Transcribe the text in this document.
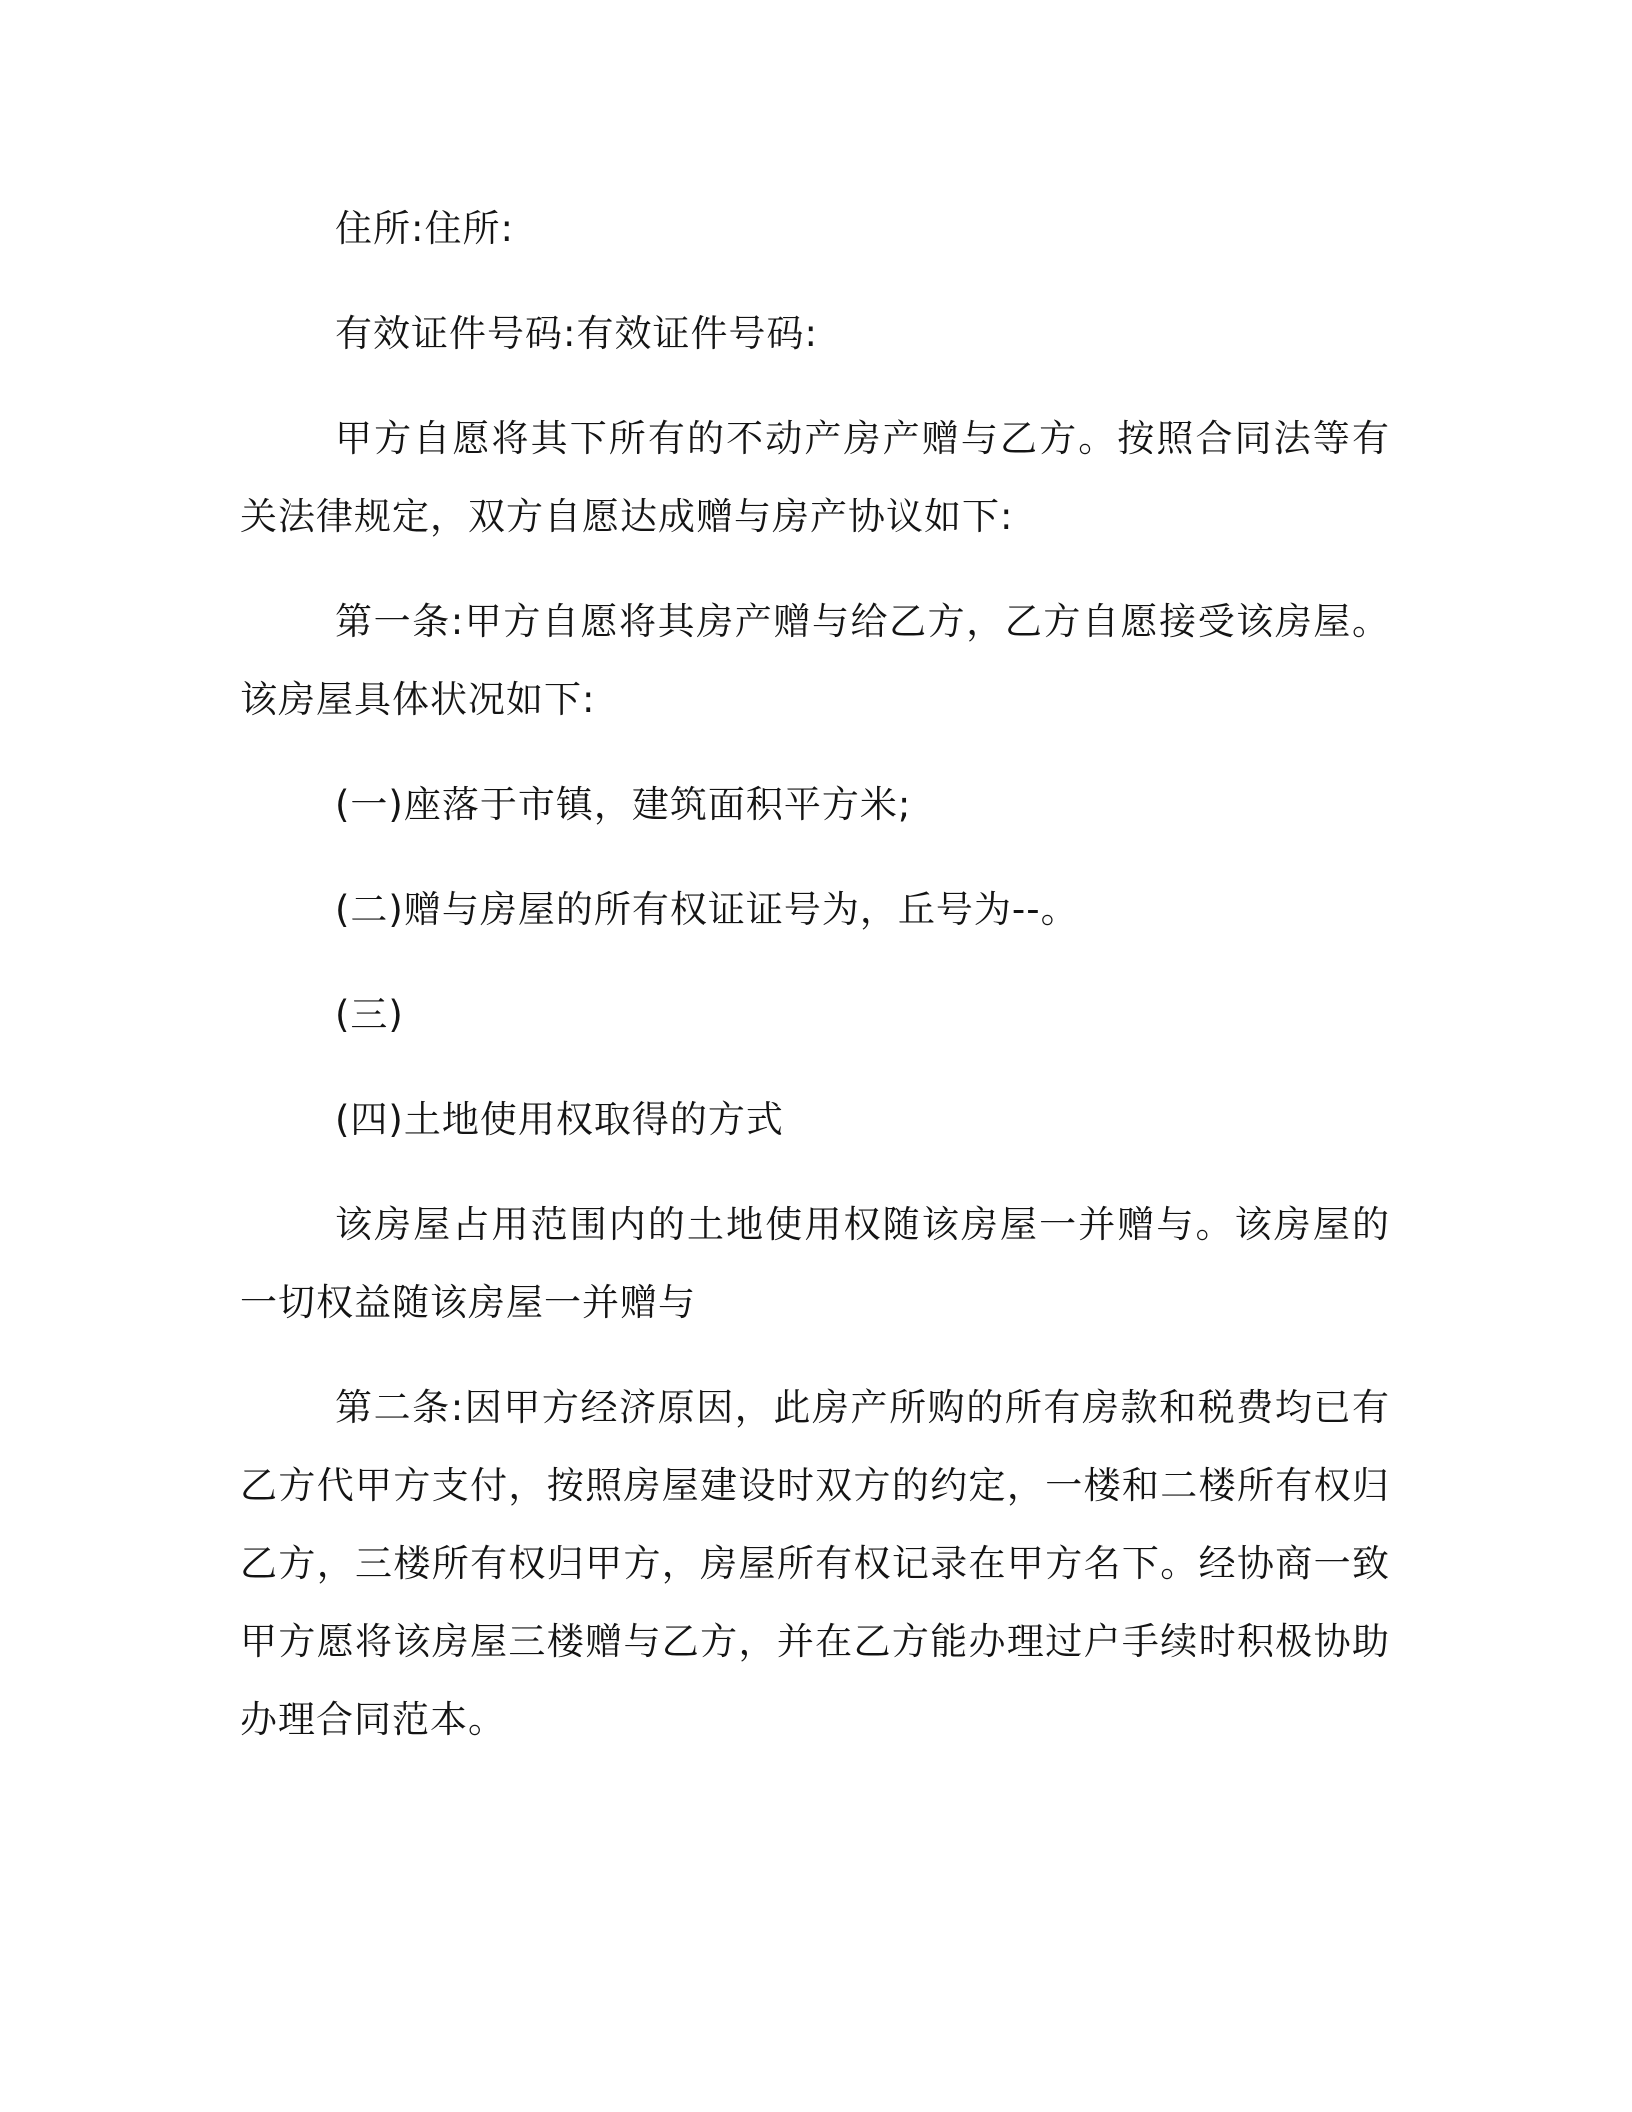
住所:住所:

有效证件号码:有效证件号码:

甲方自愿将其下所有的不动产房产赠与乙方。按照合同法等有关法律规定，双方自愿达成赠与房产协议如下:

第一条:甲方自愿将其房产赠与给乙方，乙方自愿接受该房屋。该房屋具体状况如下:

(一)座落于市镇，建筑面积平方米;

(二)赠与房屋的所有权证证号为，丘号为--。

(三)

(四)土地使用权取得的方式

该房屋占用范围内的土地使用权随该房屋一并赠与。该房屋的一切权益随该房屋一并赠与

第二条:因甲方经济原因，此房产所购的所有房款和税费均已有乙方代甲方支付，按照房屋建设时双方的约定，一楼和二楼所有权归乙方，三楼所有权归甲方，房屋所有权记录在甲方名下。经协商一致甲方愿将该房屋三楼赠与乙方，并在乙方能办理过户手续时积极协助办理合同范本。
